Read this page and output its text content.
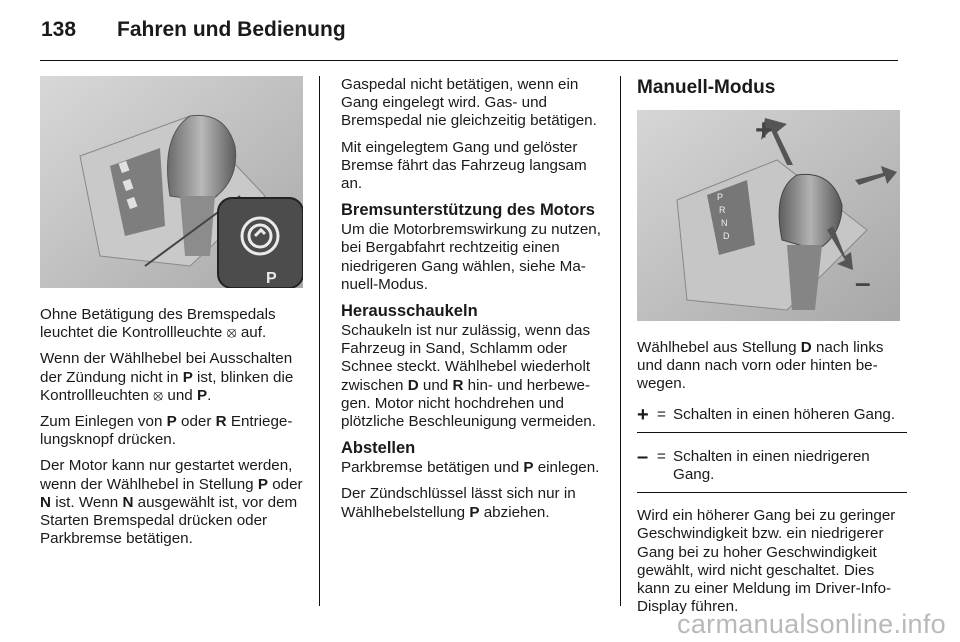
138 Fahren und Bedienung
P

Ohne Betätigung des Bremspedals leuchtet die Kontrollleuchte ⦻ auf.

Wenn der Wählhebel bei Ausschalten der Zündung nicht in P ist, blinken die Kontrollleuchten ⦻ und P.

Zum Einlegen von P oder R Entriegelungsknopf drücken.

Der Motor kann nur gestartet werden, wenn der Wählhebel in Stellung P oder N ist. Wenn N ausgewählt ist, vor dem Starten Bremspedal drücken oder Parkbremse betätigen.

Gaspedal nicht betätigen, wenn ein Gang eingelegt wird. Gas- und Bremspedal nie gleichzeitig betätigen.

Mit eingelegtem Gang und gelöster Bremse fährt das Fahrzeug langsam an.

Bremsunterstützung des Motors

Um die Motorbremswirkung zu nutzen, bei Bergabfahrt rechtzeitig einen niedrigeren Gang wählen, siehe Manuell-Modus.

Herausschaukeln

Schaukeln ist nur zulässig, wenn das Fahrzeug in Sand, Schlamm oder Schnee steckt. Wählhebel wiederholt zwischen D und R hin- und herbewegen. Motor nicht hochdrehen und plötzliche Beschleunigung vermeiden.

Abstellen

Parkbremse betätigen und P einlegen.

Der Zündschlüssel lässt sich nur in Wählhebelstellung P abziehen.

Manuell-Modus
P
R
N
D
+
–

Wählhebel aus Stellung D nach links und dann nach vorn oder hinten bewegen.

+ = Schalten in einen höheren Gang.
– = Schalten in einen niedrigeren Gang.

Wird ein höherer Gang bei zu geringer Geschwindigkeit bzw. ein niedrigerer Gang bei zu hoher Geschwindigkeit gewählt, wird nicht geschaltet. Dies kann zu einer Meldung im Driver-Info-Display führen.

carmanualsonline.info
